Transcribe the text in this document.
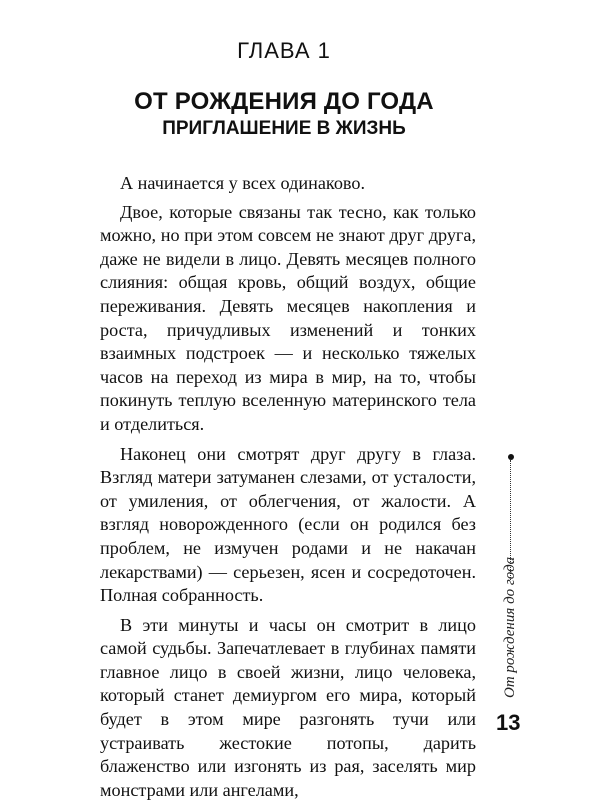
ГЛАВА 1
ОТ РОЖДЕНИЯ ДО ГОДА
ПРИГЛАШЕНИЕ В ЖИЗНЬ

А начинается у всех одинаково.

Двое, которые связаны так тесно, как только можно, но при этом совсем не знают друг друга, даже не видели в лицо. Девять месяцев полного слияния: общая кровь, общий воздух, общие переживания. Девять месяцев накопления и роста, причудливых изменений и тонких взаимных подстроек — и несколько тяжелых часов на переход из мира в мир, на то, чтобы покинуть теплую вселенную материнского тела и отделиться.

Наконец они смотрят друг другу в глаза. Взгляд матери затуманен слезами, от усталости, от умиления, от облегчения, от жалости. А взгляд новорожденного (если он родился без проблем, не измучен родами и не накачан лекарствами) — серьезен, ясен и сосредоточен. Полная собранность.

В эти минуты и часы он смотрит в лицо самой судьбы. Запечатлевает в глубинах памяти главное лицо в своей жизни, лицо человека, который станет демиургом его мира, который будет в этом мире разгонять тучи или устраивать жестокие потопы, дарить блаженство или изгонять из рая, заселять мир монстрами или ангелами,

От рождения до года
13
